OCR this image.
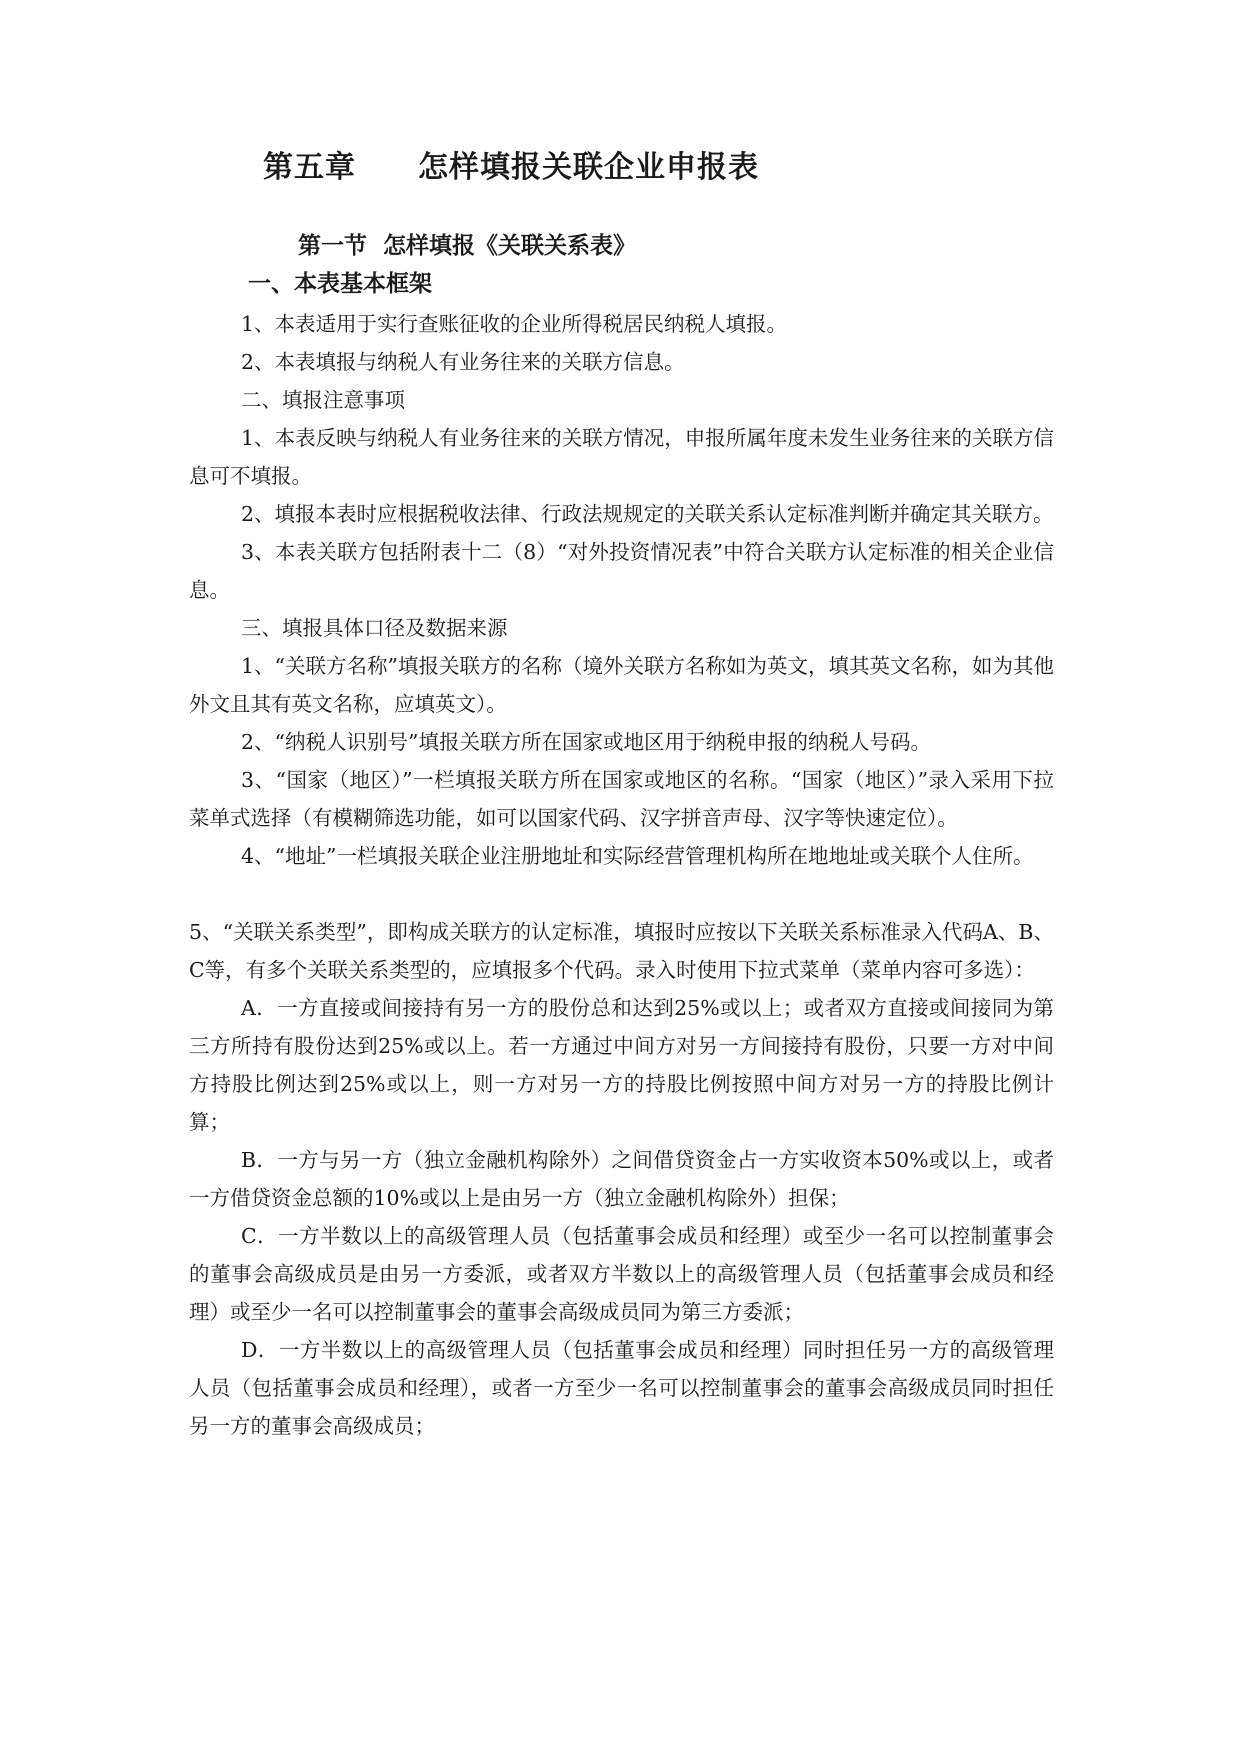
第五章　　怎样填报关联企业申报表
第一节  怎样填报《关联关系表》
一、本表基本框架

1、本表适用于实行查账征收的企业所得税居民纳税人填报。

2、本表填报与纳税人有业务往来的关联方信息。

二、填报注意事项

1、本表反映与纳税人有业务往来的关联方情况，申报所属年度未发生业务往来的关联方信息可不填报。

2、填报本表时应根据税收法律、行政法规规定的关联关系认定标准判断并确定其关联方。

3、本表关联方包括附表十二（8）“对外投资情况表”中符合关联方认定标准的相关企业信息。

三、填报具体口径及数据来源

1、“关联方名称”填报关联方的名称（境外关联方名称如为英文，填其英文名称，如为其他外文且其有英文名称，应填英文）。

2、“纳税人识别号”填报关联方所在国家或地区用于纳税申报的纳税人号码。

3、“国家（地区）”一栏填报关联方所在国家或地区的名称。“国家（地区）”录入采用下拉菜单式选择（有模糊筛选功能，如可以国家代码、汉字拼音声母、汉字等快速定位）。

4、“地址”一栏填报关联企业注册地址和实际经营管理机构所在地地址或关联个人住所。

5、“关联关系类型”，即构成关联方的认定标准，填报时应按以下关联关系标准录入代码A、B、C等，有多个关联关系类型的，应填报多个代码。录入时使用下拉式菜单（菜单内容可多选）：

A．一方直接或间接持有另一方的股份总和达到25%或以上；或者双方直接或间接同为第三方所持有股份达到25%或以上。若一方通过中间方对另一方间接持有股份，只要一方对中间方持股比例达到25%或以上，则一方对另一方的持股比例按照中间方对另一方的持股比例计算；

B．一方与另一方（独立金融机构除外）之间借贷资金占一方实收资本50%或以上，或者一方借贷资金总额的10%或以上是由另一方（独立金融机构除外）担保；

C．一方半数以上的高级管理人员（包括董事会成员和经理）或至少一名可以控制董事会的董事会高级成员是由另一方委派，或者双方半数以上的高级管理人员（包括董事会成员和经理）或至少一名可以控制董事会的董事会高级成员同为第三方委派；

D．一方半数以上的高级管理人员（包括董事会成员和经理）同时担任另一方的高级管理人员（包括董事会成员和经理），或者一方至少一名可以控制董事会的董事会高级成员同时担任另一方的董事会高级成员；
